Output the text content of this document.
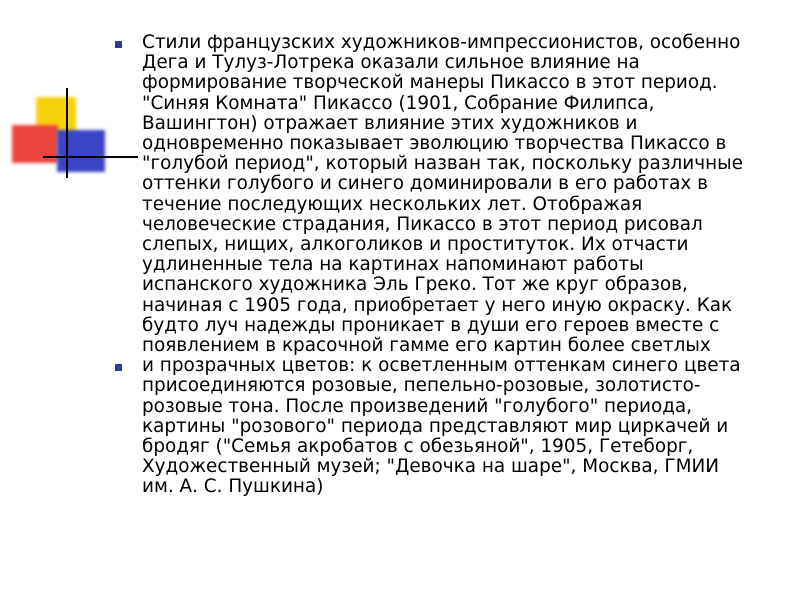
Стили французских художников-импрессионистов, особенно
Дега и Тулуз-Лотрека оказали сильное влияние на
формирование творческой манеры Пикассо в этот период.
"Синяя Комната" Пикассо (1901, Собрание Филипса,
Вашингтон) отражает влияние этих художников и
одновременно показывает эволюцию творчества Пикассо в
"голубой период", который назван так, поскольку различные
оттенки голубого и синего доминировали в его работах в
течение последующих нескольких лет. Отображая
человеческие страдания, Пикассо в этот период рисовал
слепых, нищих, алкоголиков и проституток. Их отчасти
удлиненные тела на картинах напоминают работы
испанского художника Эль Греко. Тот же круг образов,
начиная с 1905 года, приобретает у него иную окраску. Как
будто луч надежды проникает в души его героев вместе с
появлением в красочной гамме его картин более светлых
и прозрачных цветов: к осветленным оттенкам синего цвета
присоединяются розовые, пепельно-розовые, золотисто-
розовые тона. После произведений "голубого" периода,
картины "розового" периода представляют мир циркачей и
бродяг ("Семья акробатов с обезьяной", 1905, Гетеборг,
Художественный музей; "Девочка на шаре", Москва, ГМИИ
им. А. С. Пушкина)
